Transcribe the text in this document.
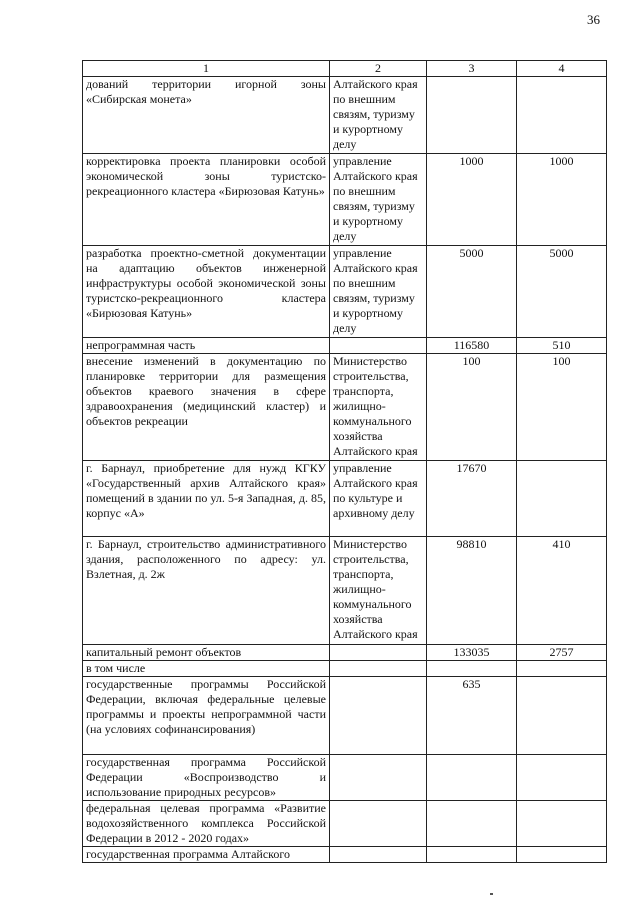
36
1	2	3	4
дований территории игорной зоны «Сибирская монета»	Алтайского края по внешним связям, туризму и курортному делу		
корректировка проекта планировки особой экономической зоны туристско-рекреационного кластера «Бирюзовая Катунь»	управление Алтайского края по внешним связям, туризму и курортному делу	1000	1000
разработка проектно-сметной документации на адаптацию объектов инженерной инфраструктуры особой экономической зоны туристско-рекреационного кластера «Бирюзовая Катунь»	управление Алтайского края по внешним связям, туризму и курортному делу	5000	5000
непрограммная часть		116580	510
внесение изменений в документацию по планировке территории для размещения объектов краевого значения в сфере здравоохранения (медицинский кластер) и объектов рекреации	Министерство строительства, транспорта, жилищно-коммунального хозяйства Алтайского края	100	100
г. Барнаул, приобретение для нужд КГКУ «Государственный архив Алтайского края» помещений в здании по ул. 5-я Западная, д. 85, корпус «А»	управление Алтайского края по культуре и архивному делу	17670	
г. Барнаул, строительство административного здания, расположенного по адресу: ул. Взлетная, д. 2ж	Министерство строительства, транспорта, жилищно-коммунального хозяйства Алтайского края	98810	410
капитальный ремонт объектов		133035	2757
в том числе			
государственные программы Российской Федерации, включая федеральные целевые программы и проекты непрограммной части (на условиях софинансирования)		635	
государственная программа Российской Федерации «Воспроизводство и использование природных ресурсов»			
федеральная целевая программа «Развитие водохозяйственного комплекса Российской Федерации в 2012 - 2020 годах»			
государственная программа Алтайского			
